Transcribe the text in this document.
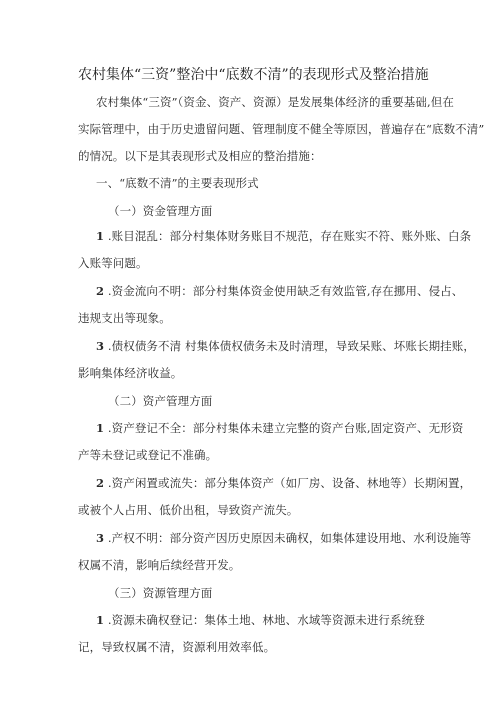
农村集体“三资”整治中“底数不清”的表现形式及整治措施
农村集体“三资”（资金、资产、资源）是发展集体经济的重要基础,但在
实际管理中，由于历史遗留问题、管理制度不健全等原因，普遍存在“底数不清”
的情况。以下是其表现形式及相应的整治措施：
一、“底数不清”的主要表现形式
（一）资金管理方面
1 .账目混乱：部分村集体财务账目不规范，存在账实不符、账外账、白条
入账等问题。
2 .资金流向不明：部分村集体资金使用缺乏有效监管,存在挪用、侵占、
违规支出等现象。
3 .债权债务不清 村集体债权债务未及时清理，导致呆账、坏账长期挂账，
影响集体经济收益。
（二）资产管理方面
1 .资产登记不全：部分村集体未建立完整的资产台账,固定资产、无形资
产等未登记或登记不准确。
2 .资产闲置或流失：部分集体资产（如厂房、设备、林地等）长期闲置，
或被个人占用、低价出租，导致资产流失。
3 .产权不明：部分资产因历史原因未确权，如集体建设用地、水利设施等
权属不清，影响后续经营开发。
（三）资源管理方面
1 .资源未确权登记：集体土地、林地、水域等资源未进行系统登
记，导致权属不清，资源利用效率低。
